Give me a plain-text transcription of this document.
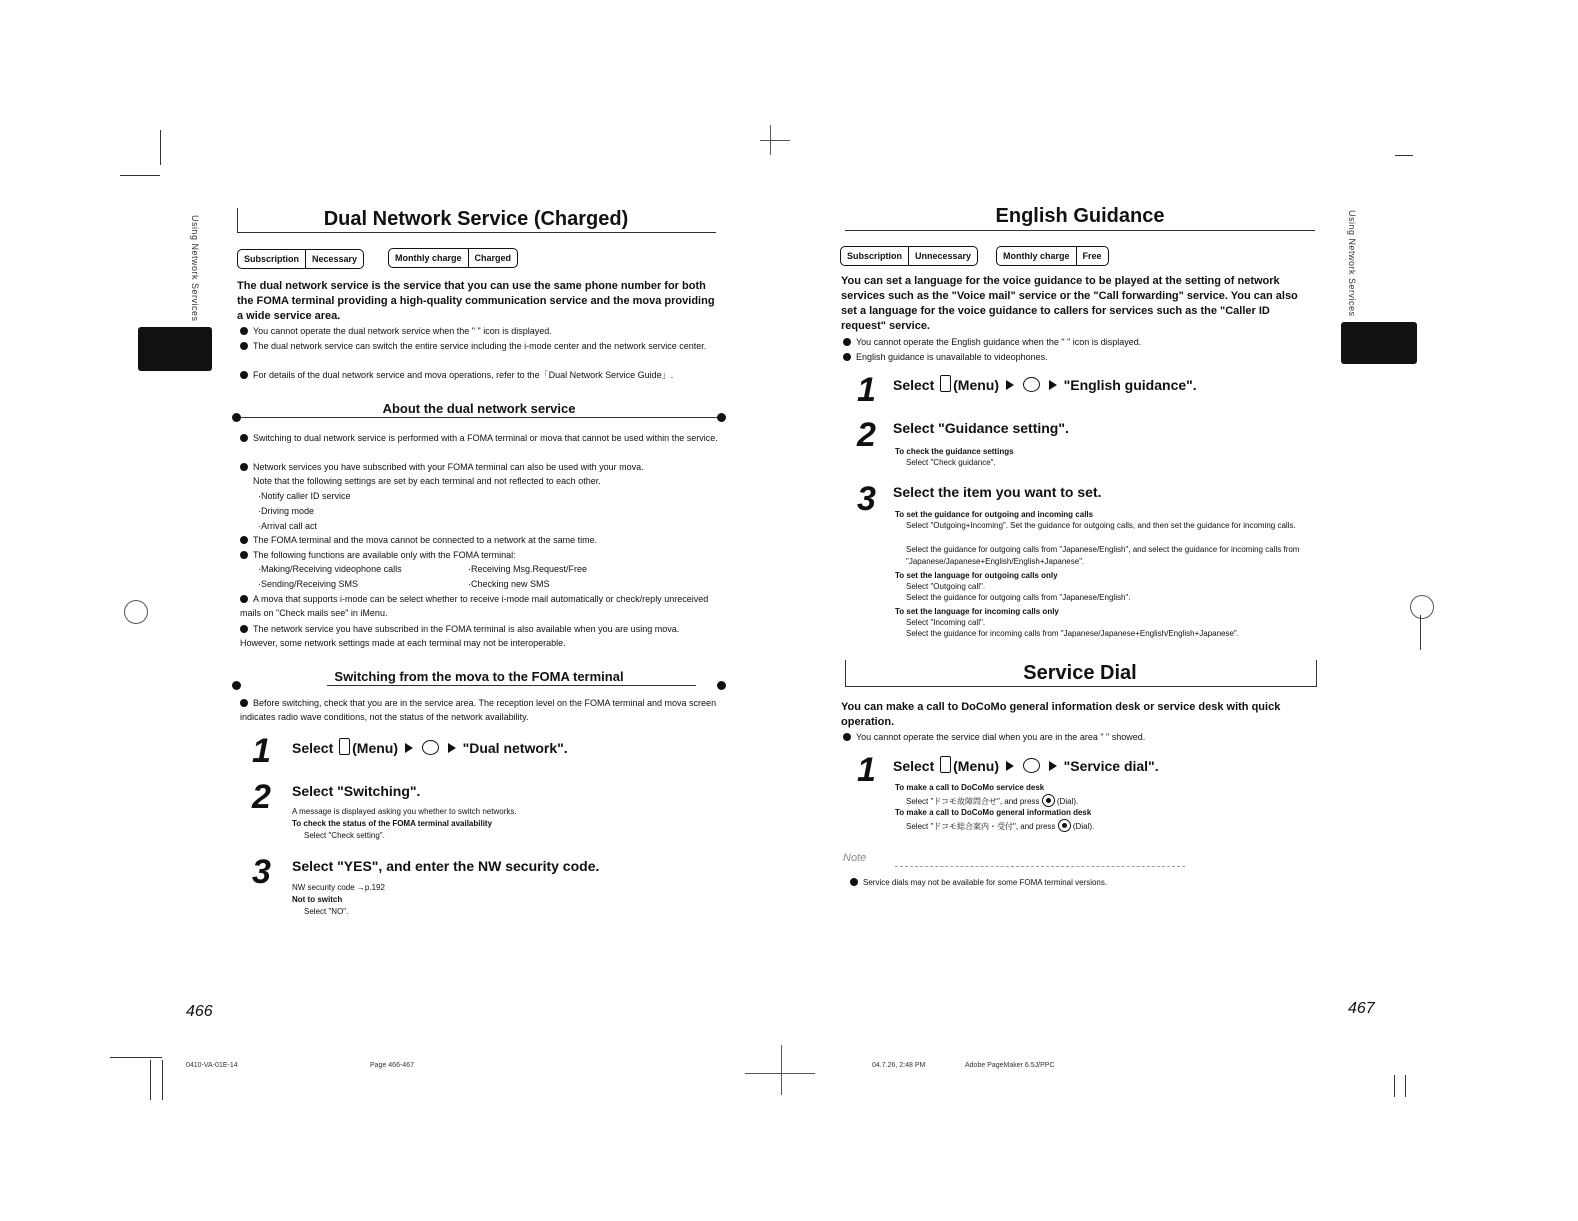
Using Network Services	Dual Network Service (Charged)
Subscription	Necessary	Monthly charge	Charged
The dual network service is the service that you can use the same phone number for both the FOMA terminal providing a high-quality communication service and the mova providing a wide service area.
You cannot operate the dual network service when the " " icon is displayed.
The dual network service can switch the entire service including the i-mode center and the network service center.
For details of the dual network service and mova operations, refer to the「Dual Network Service Guide」.
About the dual network service
Switching to dual network service is performed with a FOMA terminal or mova that cannot be used within the service.
Network services you have subscribed with your FOMA terminal can also be used with your mova.
Note that the following settings are set by each terminal and not reflected to each other.
·Notify caller ID service
·Driving mode
·Arrival call act
The FOMA terminal and the mova cannot be connected to a network at the same time.
The following functions are available only with the FOMA terminal:
·Making/Receiving videophone calls	·Receiving Msg.Request/Free
·Sending/Receiving SMS	·Checking new SMS
A mova that supports i-mode can be select whether to receive i-mode mail automatically or check/reply unreceived mails on "Check mails see" in iMenu.
The network service you have subscribed in the FOMA terminal is also available when you are using mova. However, some network settings made at each terminal may not be interoperable.
Switching from the mova to the FOMA terminal
Before switching, check that you are in the service area. The reception level on the FOMA terminal and mova screen indicates radio wave conditions, not the status of the network availability.
1 Select (Menu)	"Dual network".
2 Select "Switching".
A message is displayed asking you whether to switch networks.
To check the status of the FOMA terminal availability
Select "Check setting".
3 Select "YES", and enter the NW security code.
NW security code →p.192
Not to switch
Select "NO".
466
0410-VA-01E-14	Page 466-467
Using Network Services
English Guidance
Subscription	Unnecessary	Monthly charge	Free
You can set a language for the voice guidance to be played at the setting of network services such as the "Voice mail" service or the "Call forwarding" service. You can also set a language for the voice guidance to callers for services such as the "Caller ID request" service.
You cannot operate the English guidance when the " " icon is displayed.
English guidance is unavailable to videophones.
1 Select (Menu)	"English guidance".
2 Select "Guidance setting".
To check the guidance settings
Select "Check guidance".
3 Select the item you want to set.
To set the guidance for outgoing and incoming calls
Select "Outgoing+Incoming". Set the guidance for outgoing calls, and then set the guidance for incoming calls.
Select the guidance for outgoing calls from "Japanese/English", and select the guidance for incoming calls from "Japanese/Japanese+English/English+Japanese".
To set the language for outgoing calls only
Select "Outgoing call".
Select the guidance for outgoing calls from "Japanese/English".
To set the language for incoming calls only
Select "Incoming call".
Select the guidance for incoming calls from "Japanese/Japanese+English/English+Japanese".
Service Dial
You can make a call to DoCoMo general information desk or service desk with quick operation.
You cannot operate the service dial when you are in the area " " showed.
1 Select (Menu)	"Service dial".
To make a call to DoCoMo service desk
Select "ドコモ故障問合せ", and press (Dial).
To make a call to DoCoMo general information desk
Select "ドコモ総合案内・受付", and press (Dial).
Note
Service dials may not be available for some FOMA terminal versions.
467
04.7.26, 2:48 PM	Adobe PageMaker 6.5J/PPC
